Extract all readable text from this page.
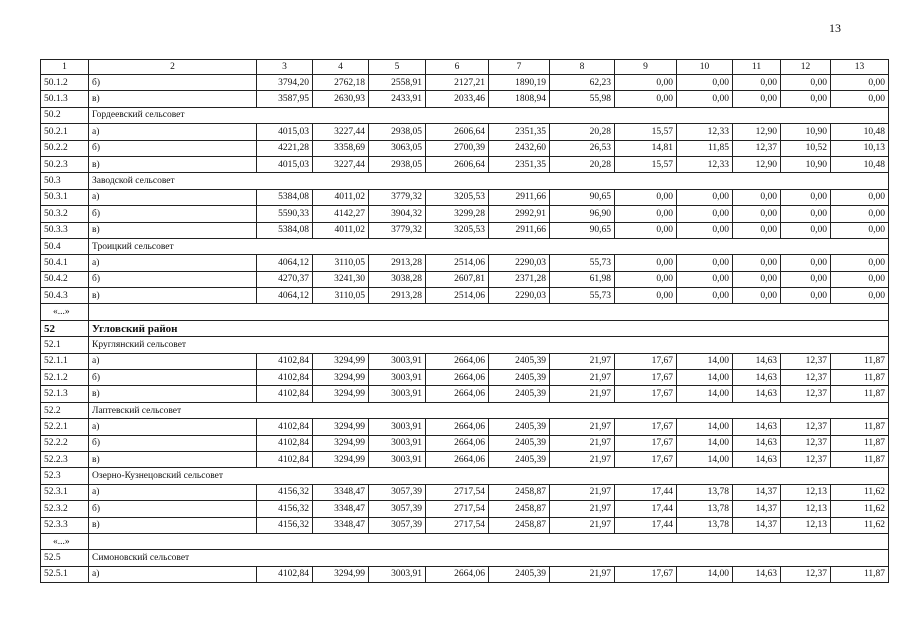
13
1	2	3	4	5	6	7	8	9	10	11	12	13
50.1.2	б)	3794,20	2762,18	2558,91	2127,21	1890,19	62,23	0,00	0,00	0,00	0,00	0,00
50.1.3	в)	3587,95	2630,93	2433,91	2033,46	1808,94	55,98	0,00	0,00	0,00	0,00	0,00
50.2	Гордеевский сельсовет											
50.2.1	а)	4015,03	3227,44	2938,05	2606,64	2351,35	20,28	15,57	12,33	12,90	10,90	10,48
50.2.2	б)	4221,28	3358,69	3063,05	2700,39	2432,60	26,53	14,81	11,85	12,37	10,52	10,13
50.2.3	в)	4015,03	3227,44	2938,05	2606,64	2351,35	20,28	15,57	12,33	12,90	10,90	10,48
50.3	Заводской сельсовет											
50.3.1	а)	5384,08	4011,02	3779,32	3205,53	2911,66	90,65	0,00	0,00	0,00	0,00	0,00
50.3.2	б)	5590,33	4142,27	3904,32	3299,28	2992,91	96,90	0,00	0,00	0,00	0,00	0,00
50.3.3	в)	5384,08	4011,02	3779,32	3205,53	2911,66	90,65	0,00	0,00	0,00	0,00	0,00
50.4	Троицкий сельсовет											
50.4.1	а)	4064,12	3110,05	2913,28	2514,06	2290,03	55,73	0,00	0,00	0,00	0,00	0,00
50.4.2	б)	4270,37	3241,30	3038,28	2607,81	2371,28	61,98	0,00	0,00	0,00	0,00	0,00
50.4.3	в)	4064,12	3110,05	2913,28	2514,06	2290,03	55,73	0,00	0,00	0,00	0,00	0,00
«...»												
52	Угловский район											
52.1	Круглянский сельсовет											
52.1.1	а)	4102,84	3294,99	3003,91	2664,06	2405,39	21,97	17,67	14,00	14,63	12,37	11,87
52.1.2	б)	4102,84	3294,99	3003,91	2664,06	2405,39	21,97	17,67	14,00	14,63	12,37	11,87
52.1.3	в)	4102,84	3294,99	3003,91	2664,06	2405,39	21,97	17,67	14,00	14,63	12,37	11,87
52.2	Лаптевский сельсовет											
52.2.1	а)	4102,84	3294,99	3003,91	2664,06	2405,39	21,97	17,67	14,00	14,63	12,37	11,87
52.2.2	б)	4102,84	3294,99	3003,91	2664,06	2405,39	21,97	17,67	14,00	14,63	12,37	11,87
52.2.3	в)	4102,84	3294,99	3003,91	2664,06	2405,39	21,97	17,67	14,00	14,63	12,37	11,87
52.3	Озерно-Кузнецовский сельсовет											
52.3.1	а)	4156,32	3348,47	3057,39	2717,54	2458,87	21,97	17,44	13,78	14,37	12,13	11,62
52.3.2	б)	4156,32	3348,47	3057,39	2717,54	2458,87	21,97	17,44	13,78	14,37	12,13	11,62
52.3.3	в)	4156,32	3348,47	3057,39	2717,54	2458,87	21,97	17,44	13,78	14,37	12,13	11,62
«...»												
52.5	Симоновский сельсовет											
52.5.1	а)	4102,84	3294,99	3003,91	2664,06	2405,39	21,97	17,67	14,00	14,63	12,37	11,87
